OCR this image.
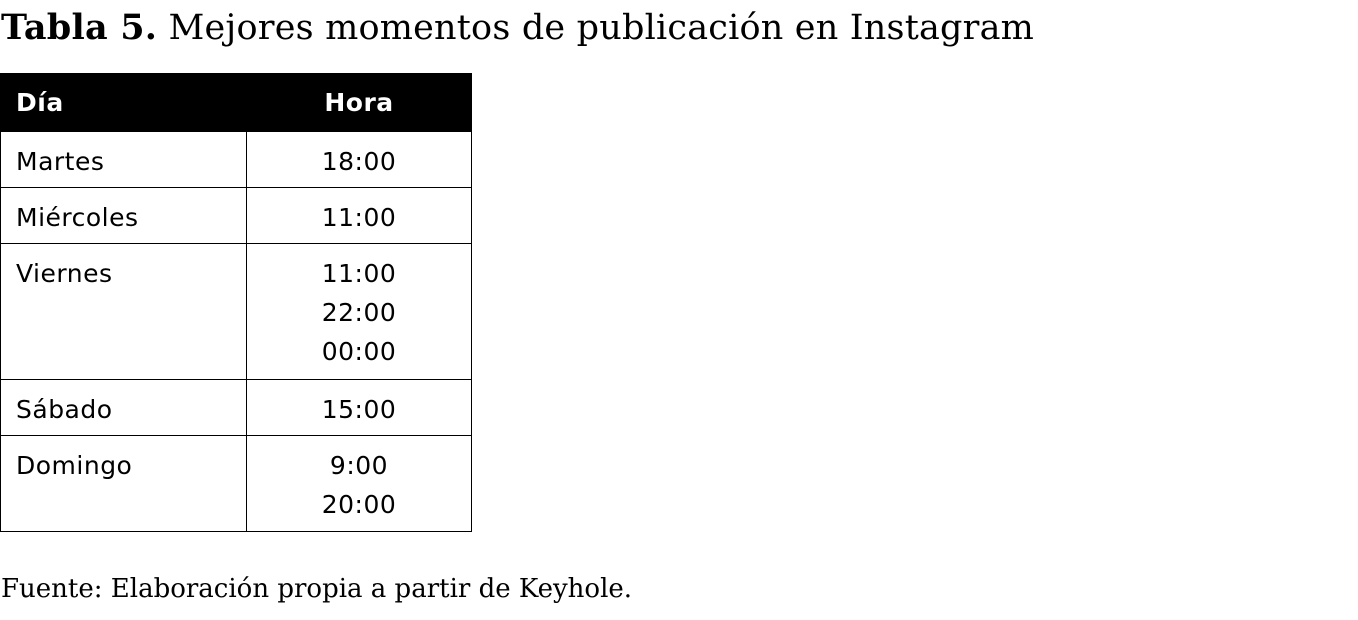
Tabla 5. Mejores momentos de publicación en Instagram
Día	Hora

Martes	18:00

Miércoles	11:00

Viernes	11:00
22:00
00:00

Sábado	15:00

Domingo	9:00
20:00
Fuente: Elaboración propia a partir de Keyhole.
